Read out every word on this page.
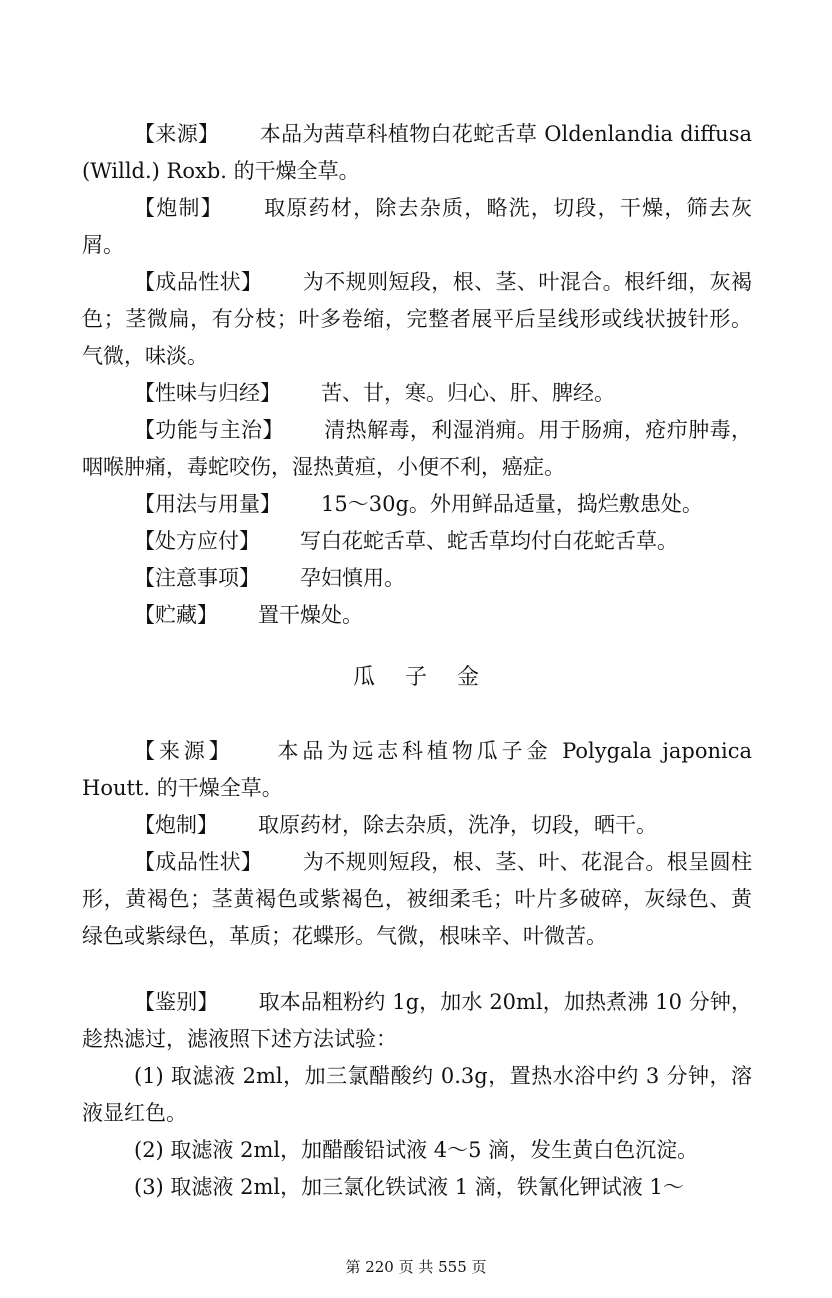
【来源】 本品为茜草科植物白花蛇舌草 Oldenlandia diffusa (Willd.) Roxb. 的干燥全草。

【炮制】 取原药材，除去杂质，略洗，切段，干燥，筛去灰屑。

【成品性状】 为不规则短段，根、茎、叶混合。根纤细，灰褐色；茎微扁，有分枝；叶多卷缩，完整者展平后呈线形或线状披针形。气微，味淡。

【性味与归经】 苦、甘，寒。归心、肝、脾经。

【功能与主治】 清热解毒，利湿消痈。用于肠痈，疮疖肿毒，咽喉肿痛，毒蛇咬伤，湿热黄疸，小便不利，癌症。

【用法与用量】 15～30g。外用鲜品适量，捣烂敷患处。

【处方应付】 写白花蛇舌草、蛇舌草均付白花蛇舌草。

【注意事项】 孕妇慎用。

【贮藏】 置干燥处。

瓜子金

【来源】 本品为远志科植物瓜子金 Polygala japonica Houtt. 的干燥全草。

【炮制】 取原药材，除去杂质，洗净，切段，晒干。

【成品性状】 为不规则短段，根、茎、叶、花混合。根呈圆柱形，黄褐色；茎黄褐色或紫褐色，被细柔毛；叶片多破碎，灰绿色、黄绿色或紫绿色，革质；花蝶形。气微，根味辛、叶微苦。

【鉴别】 取本品粗粉约 1g，加水 20ml，加热煮沸 10 分钟，趁热滤过，滤液照下述方法试验：

(1) 取滤液 2ml，加三氯醋酸约 0.3g，置热水浴中约 3 分钟，溶液显红色。

(2) 取滤液 2ml，加醋酸铅试液 4～5 滴，发生黄白色沉淀。

(3) 取滤液 2ml，加三氯化铁试液 1 滴，铁氰化钾试液 1～

第 220 页 共 555 页
